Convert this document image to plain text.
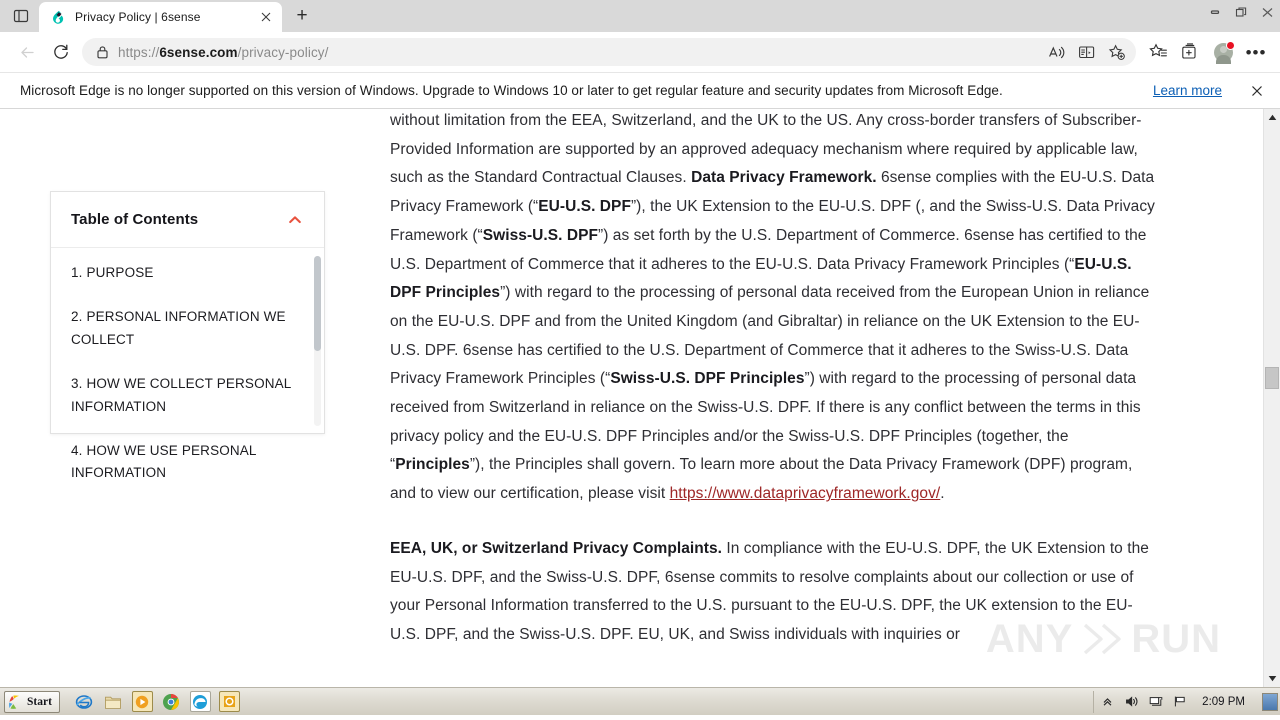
Privacy Policy | 6sense	+
https://6sense.com/privacy-policy/	•••
Microsoft Edge is no longer supported on this version of Windows. Upgrade to Windows 10 or later to get regular feature and security updates from Microsoft Edge.	Learn more
Table of Contents
1. PURPOSE
2. PERSONAL INFORMATION WE COLLECT
3. HOW WE COLLECT PERSONAL INFORMATION
4. HOW WE USE PERSONAL INFORMATION

without limitation from the EEA, Switzerland, and the UK to the US. Any cross-border transfers of Subscriber-Provided Information are supported by an approved adequacy mechanism where required by applicable law, such as the Standard Contractual Clauses. Data Privacy Framework. 6sense complies with the EU-U.S. Data Privacy Framework (“EU-U.S. DPF”), the UK Extension to the EU-U.S. DPF (, and the Swiss-U.S. Data Privacy Framework (“Swiss-U.S. DPF”) as set forth by the U.S. Department of Commerce. 6sense has certified to the U.S. Department of Commerce that it adheres to the EU-U.S. Data Privacy Framework Principles (“EU-U.S. DPF Principles”) with regard to the processing of personal data received from the European Union in reliance on the EU-U.S. DPF and from the United Kingdom (and Gibraltar) in reliance on the UK Extension to the EU-U.S. DPF. 6sense has certified to the U.S. Department of Commerce that it adheres to the Swiss-U.S. Data Privacy Framework Principles (“Swiss-U.S. DPF Principles”) with regard to the processing of personal data received from Switzerland in reliance on the Swiss-U.S. DPF. If there is any conflict between the terms in this privacy policy and the EU-U.S. DPF Principles and/or the Swiss-U.S. DPF Principles (together, the “Principles”), the Principles shall govern. To learn more about the Data Privacy Framework (DPF) program, and to view our certification, please visit https://www.dataprivacyframework.gov/.

EEA, UK, or Switzerland Privacy Complaints. In compliance with the EU-U.S. DPF, the UK Extension to the EU-U.S. DPF, and the Swiss-U.S. DPF, 6sense commits to resolve complaints about our collection or use of your Personal Information transferred to the U.S. pursuant to the EU-U.S. DPF, the UK extension to the EU-U.S. DPF, and the Swiss-U.S. DPF. EU, UK, and Swiss individuals with inquiries or ANY RUN
Start	2:09 PM
